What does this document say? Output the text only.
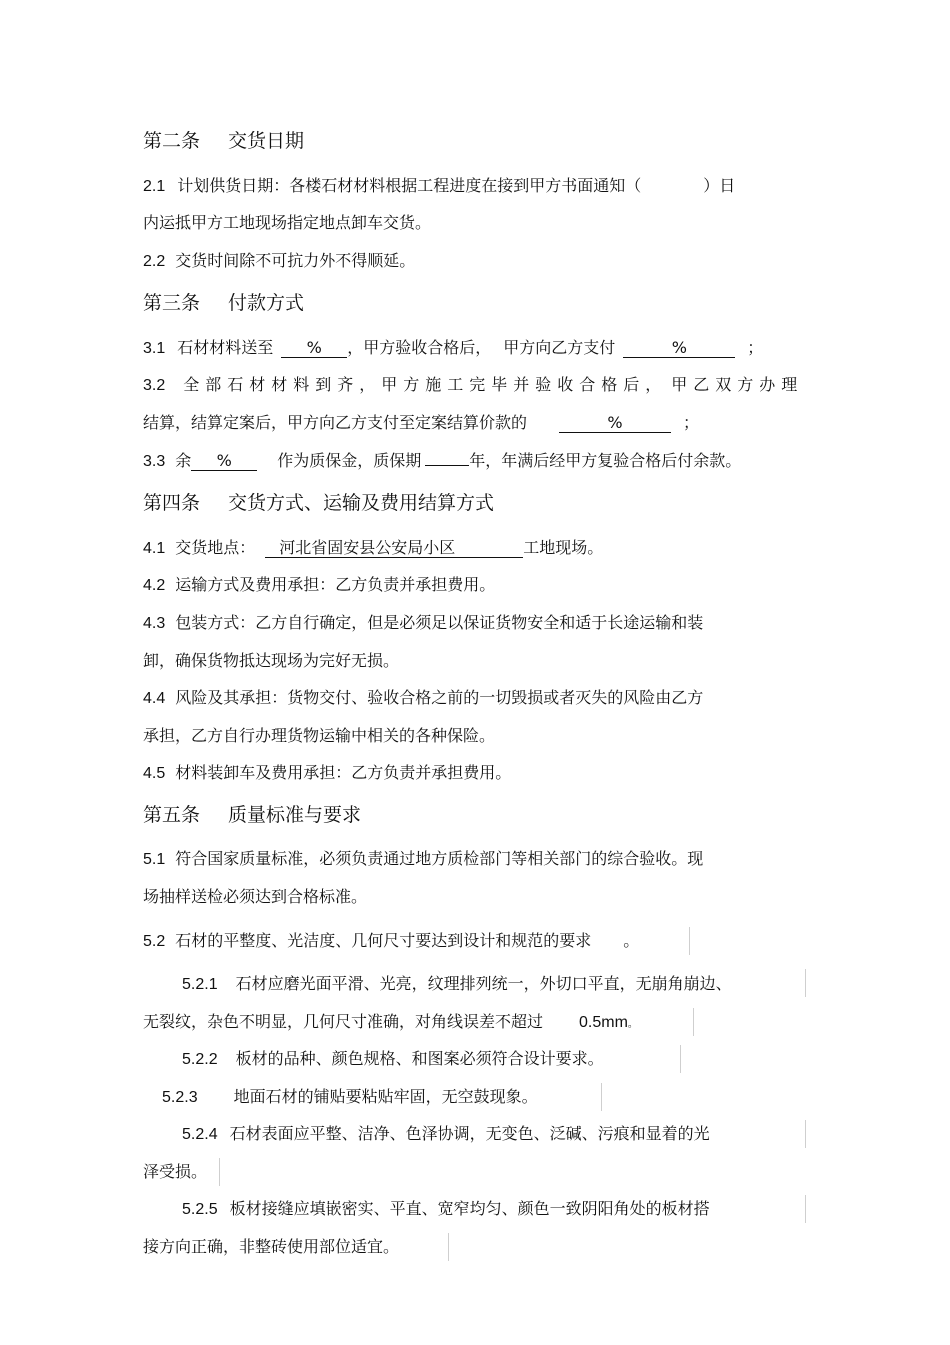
第二条 交货日期
2.1 计划供货日期：各楼石材材料根据工程进度在接到甲方书面通知（	）日
内运抵甲方工地现场指定地点卸车交货。
2.2 交货时间除不可抗力外不得顺延。
第三条 付款方式
3.1 石材材料送至 % ，甲方验收合格后， 甲方向乙方支付	%	；
3.2 全部石材材料到齐，甲方施工完毕并验收合格后， 甲乙双方办理
结算，结算定案后，甲方向乙方支付至定案结算价款的	%	；
3.3 余 %	作为质保金，质保期	年，年满后经甲方复验合格后付余款。
第四条 交货方式、运输及费用结算方式
4.1 交货地点： 河北省固安县公安局小区	工地现场。
4.2 运输方式及费用承担：乙方负责并承担费用。
4.3 包装方式：乙方自行确定，但是必须足以保证货物安全和适于长途运输和装
卸，确保货物抵达现场为完好无损。
4.4 风险及其承担：货物交付、验收合格之前的一切毁损或者灭失的风险由乙方
承担，乙方自行办理货物运输中相关的各种保险。
4.5 材料装卸车及费用承担：乙方负责并承担费用。
第五条 质量标准与要求
5.1 符合国家质量标准，必须负责通过地方质检部门等相关部门的综合验收。现
场抽样送检必须达到合格标准。
5.2 石材的平整度、光洁度、几何尺寸要达到设计和规范的要求 。
5.2.1 石材应磨光面平滑、光亮，纹理排列统一，外切口平直，无崩角崩边、
无裂纹，杂色不明显，几何尺寸准确，对角线误差不超过 0.5mm。
5.2.2 板材的品种、颜色规格、和图案必须符合设计要求。
5.2.3 地面石材的铺贴要粘贴牢固，无空鼓现象。
5.2.4 石材表面应平整、洁净、色泽协调，无变色、泛碱、污痕和显着的光
泽受损。
5.2.5 板材接缝应填嵌密实、平直、宽窄均匀、颜色一致阴阳角处的板材搭
接方向正确，非整砖使用部位适宜。
